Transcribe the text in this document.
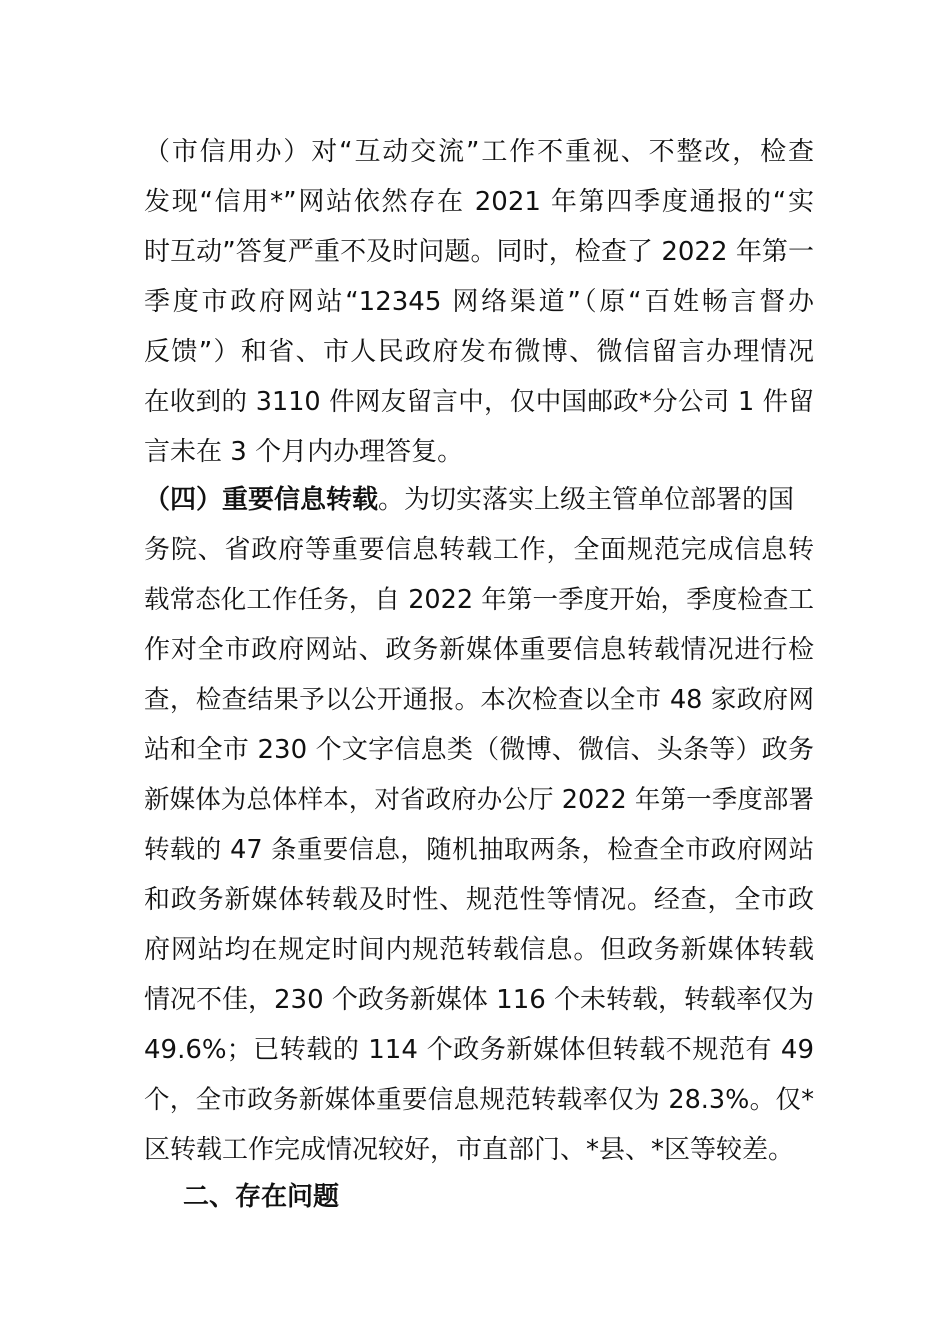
（市信用办）对“互动交流”工作不重视、不整改，检查
发现“信用*”网站依然存在 2021 年第四季度通报的“实
时互动”答复严重不及时问题。同时，检查了 2022 年第一
季度市政府网站“12345 网络渠道”（原“百姓畅言督办
反馈”）和省、市人民政府发布微博、微信留言办理情况
在收到的 3110 件网友留言中，仅中国邮政*分公司 1 件留
言未在 3 个月内办理答复。
（四）重要信息转载。为切实落实上级主管单位部署的国
务院、省政府等重要信息转载工作，全面规范完成信息转
载常态化工作任务，自 2022 年第一季度开始，季度检查工
作对全市政府网站、政务新媒体重要信息转载情况进行检
查，检查结果予以公开通报。本次检查以全市 48 家政府网
站和全市 230 个文字信息类（微博、微信、头条等）政务
新媒体为总体样本，对省政府办公厅 2022 年第一季度部署
转载的 47 条重要信息，随机抽取两条，检查全市政府网站
和政务新媒体转载及时性、规范性等情况。经查，全市政
府网站均在规定时间内规范转载信息。但政务新媒体转载
情况不佳，230 个政务新媒体 116 个未转载，转载率仅为
49.6%；已转载的 114 个政务新媒体但转载不规范有 49
个，全市政务新媒体重要信息规范转载率仅为 28.3%。仅*
区转载工作完成情况较好，市直部门、*县、*区等较差。
二、存在问题
